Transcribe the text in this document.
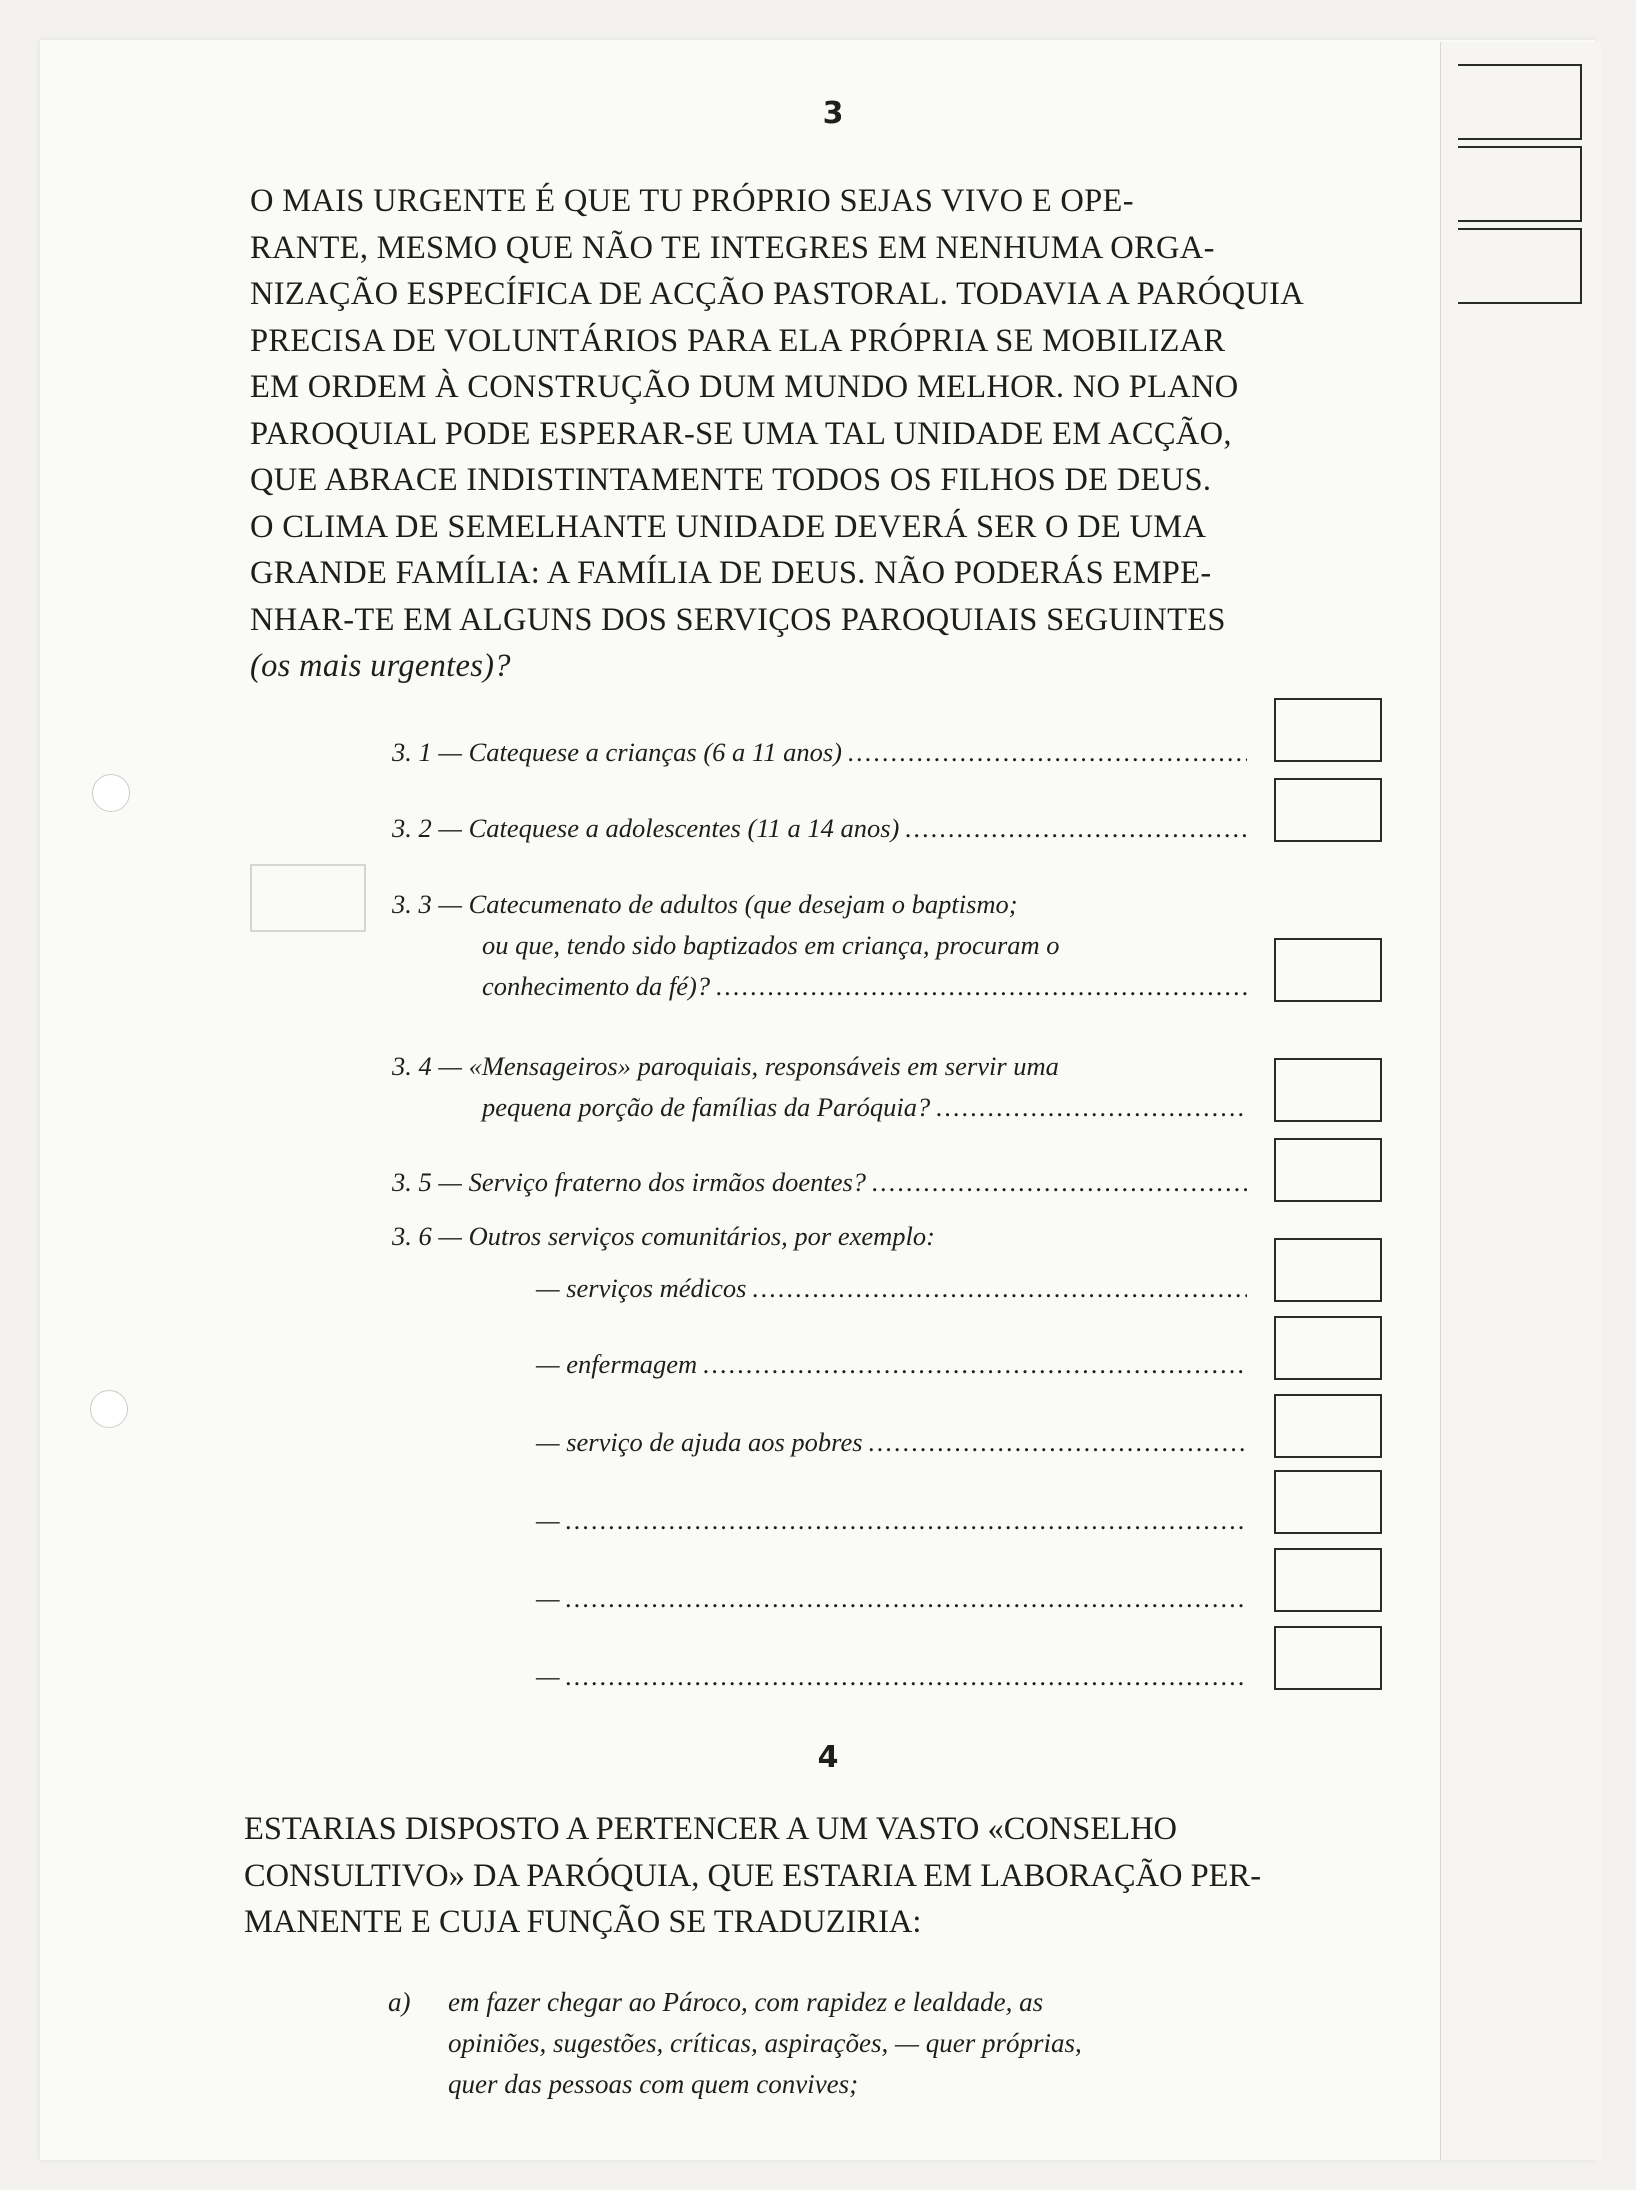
3
O MAIS URGENTE É QUE TU PRÓPRIO SEJAS VIVO E OPE-
RANTE, MESMO QUE NÃO TE INTEGRES EM NENHUMA ORGA-
NIZAÇÃO ESPECÍFICA DE ACÇÃO PASTORAL. TODAVIA A PARÓQUIA
PRECISA DE VOLUNTÁRIOS PARA ELA PRÓPRIA SE MOBILIZAR
EM ORDEM À CONSTRUÇÃO DUM MUNDO MELHOR. NO PLANO
PAROQUIAL PODE ESPERAR-SE UMA TAL UNIDADE EM ACÇÃO,
QUE ABRACE INDISTINTAMENTE TODOS OS FILHOS DE DEUS.
O CLIMA DE SEMELHANTE UNIDADE DEVERÁ SER O DE UMA
GRANDE FAMÍLIA: A FAMÍLIA DE DEUS. NÃO PODERÁS EMPE-
NHAR-TE EM ALGUNS DOS SERVIÇOS PAROQUIAIS SEGUINTES
(os mais urgentes)?
3. 1 —
Catequese a crianças (6 a 11 anos)
.....
3. 2 —
Catequese a adolescentes (11 a 14 anos)
.....
3. 3 —
Catecumenato de adultos (que desejam o baptismo;
ou que, tendo sido baptizados em criança, procuram o
conhecimento da fé)?
.....
3. 4 —
«Mensageiros» paroquiais, responsáveis em servir uma
pequena porção de famílias da Paróquia?
.....
3. 5 —
Serviço fraterno dos irmãos doentes?
.....
3. 6 —
Outros serviços comunitários, por exemplo:
— serviços médicos
.....
— enfermagem
.....
— serviço de ajuda aos pobres
.....
—
.....
—
.....
—
.....
4
ESTARIAS DISPOSTO A PERTENCER A UM VASTO «CONSELHO
CONSULTIVO» DA PARÓQUIA, QUE ESTARIA EM LABORAÇÃO PER-
MANENTE E CUJA FUNÇÃO SE TRADUZIRIA:
a) em fazer chegar ao Pároco, com rapidez e lealdade, as
opiniões, sugestões, críticas, aspirações, — quer próprias,
quer das pessoas com quem convives;
